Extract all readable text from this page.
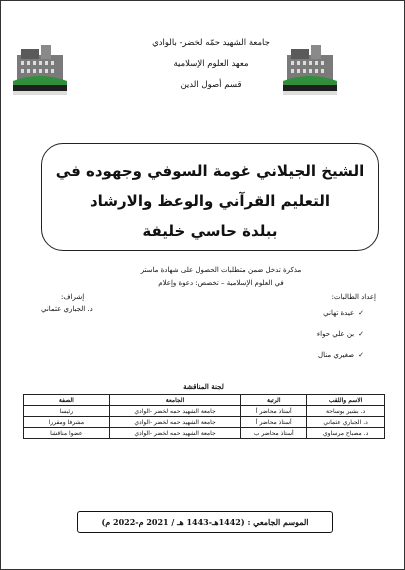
جامعة الشهيد حمّه لخضر- بالوادي
معهد العلوم الإسلامية
قسم أصول الدين
الشيخ الجيلاني غومة السوفي وجهوده في
التعليم القرآني والوعظ والارشاد
ببلدة حاسي خليفة
مذكرة تدخل ضمن متطلبات الحصول على شهادة ماستر
في العلوم الإسلامية – تخصص: دعوة وإعلام
إعداد الطالبات:
إشراف:
د. الجباري عثماني	✓عيدة تهاني
✓بن علي حواء
✓صغيري منال
لجنة المناقشة
الاسم واللقب	الرتبة	الجامعة	الصفة
د. بشير بوساحة	أستاذ محاضر أ	جامعة الشهيد حمه لخضر -الوادي	رئيسا
د. الجباري عثماني	أستاذ محاضر أ	جامعة الشهيد حمه لخضر -الوادي	مشرفا ومقررا
د. مصباح مرساوي	أستاذ محاضر ب	جامعة الشهيد حمه لخضر -الوادي	عضوا مناقشا
الموسم الجامعي : (1442هـ-1443 هـ / 2021 م-2022 م)
